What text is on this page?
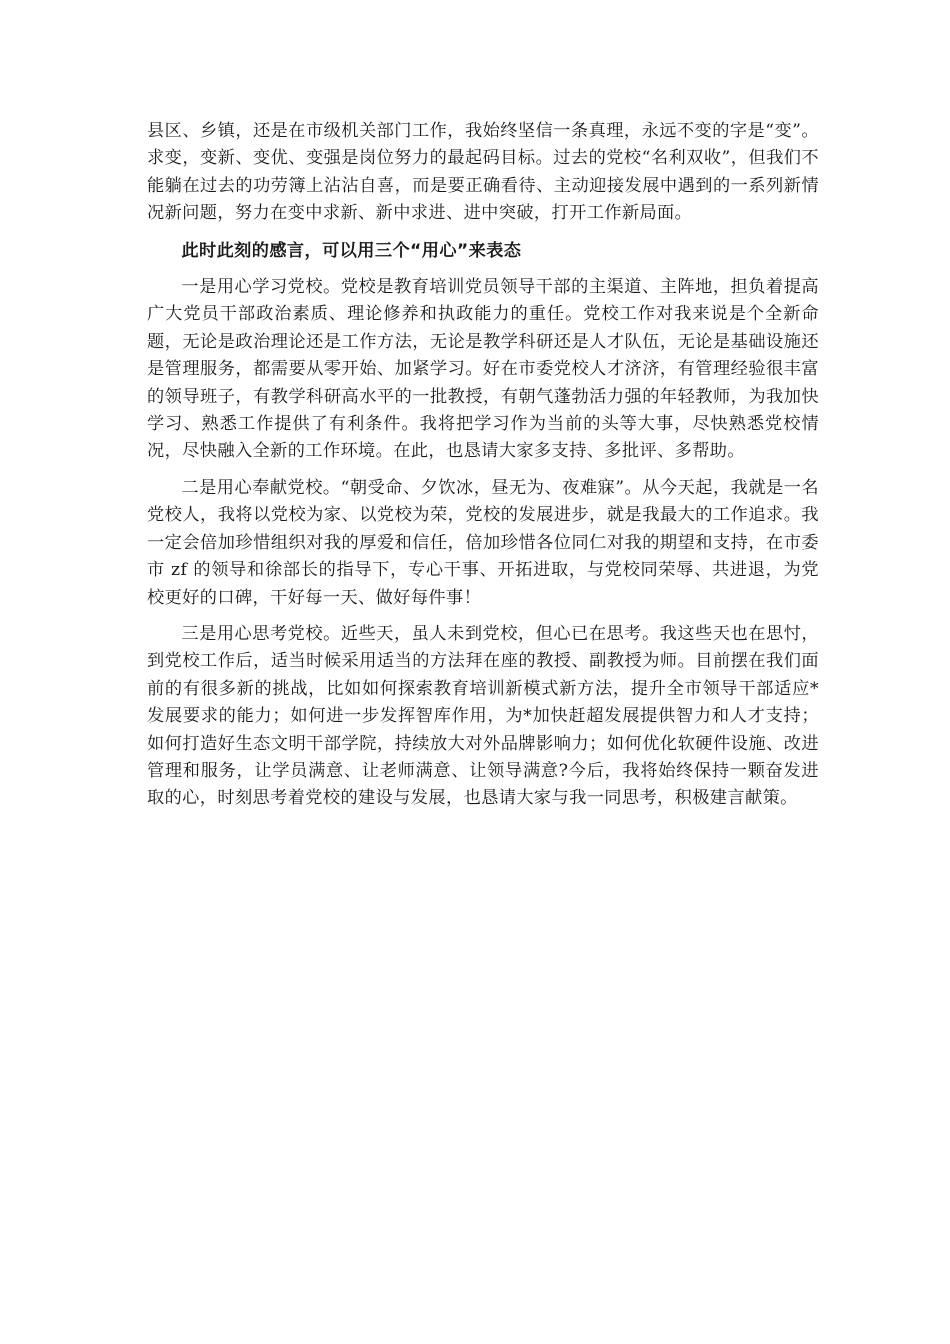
县区、乡镇，还是在市级机关部门工作，我始终坚信一条真理，永远不变的字是“变”。求变，变新、变优、变强是岗位努力的最起码目标。过去的党校“名利双收”，但我们不能躺在过去的功劳簿上沾沾自喜，而是要正确看待、主动迎接发展中遇到的一系列新情况新问题，努力在变中求新、新中求进、进中突破，打开工作新局面。

此时此刻的感言，可以用三个“用心”来表态

一是用心学习党校。党校是教育培训党员领导干部的主渠道、主阵地，担负着提高广大党员干部政治素质、理论修养和执政能力的重任。党校工作对我来说是个全新命题，无论是政治理论还是工作方法，无论是教学科研还是人才队伍，无论是基础设施还是管理服务，都需要从零开始、加紧学习。好在市委党校人才济济，有管理经验很丰富的领导班子，有教学科研高水平的一批教授，有朝气蓬勃活力强的年轻教师，为我加快学习、熟悉工作提供了有利条件。我将把学习作为当前的头等大事，尽快熟悉党校情况，尽快融入全新的工作环境。在此，也恳请大家多支持、多批评、多帮助。

二是用心奉献党校。“朝受命、夕饮冰，昼无为、夜难寐”。从今天起，我就是一名党校人，我将以党校为家、以党校为荣，党校的发展进步，就是我最大的工作追求。我一定会倍加珍惜组织对我的厚爱和信任，倍加珍惜各位同仁对我的期望和支持，在市委市 zf 的领导和徐部长的指导下，专心干事、开拓进取，与党校同荣辱、共进退，为党校更好的口碑，干好每一天、做好每件事！

三是用心思考党校。近些天，虽人未到党校，但心已在思考。我这些天也在思忖，到党校工作后，适当时候采用适当的方法拜在座的教授、副教授为师。目前摆在我们面前的有很多新的挑战，比如如何探索教育培训新模式新方法，提升全市领导干部适应*发展要求的能力；如何进一步发挥智库作用，为*加快赶超发展提供智力和人才支持；如何打造好生态文明干部学院，持续放大对外品牌影响力；如何优化软硬件设施、改进管理和服务，让学员满意、让老师满意、让领导满意?今后，我将始终保持一颗奋发进取的心，时刻思考着党校的建设与发展，也恳请大家与我一同思考，积极建言献策。
